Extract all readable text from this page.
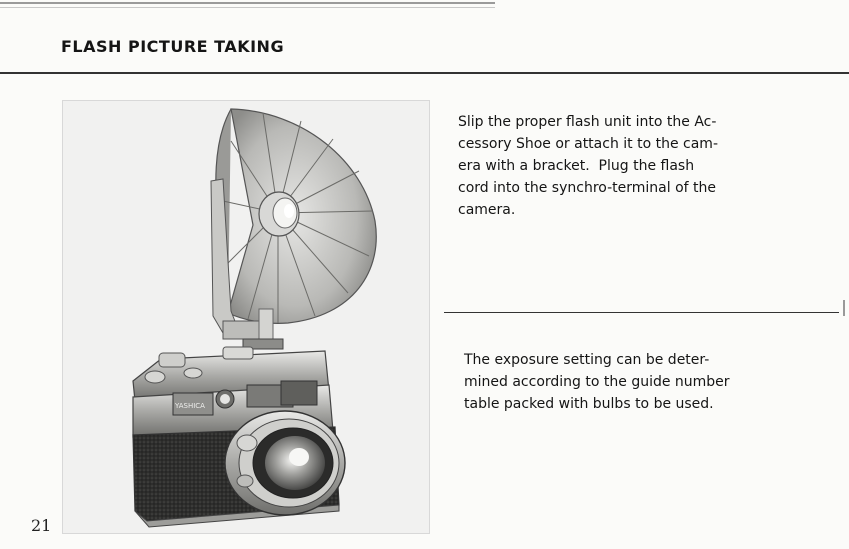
FLASH PICTURE TAKING
YASHICA
Slip the proper flash unit into the Ac-
cessory Shoe or attach it to the cam-
era with a bracket.  Plug the flash
cord into the synchro-terminal of the
camera.
The exposure setting can be deter-
mined according to the guide number
table packed with bulbs to be used.
21
